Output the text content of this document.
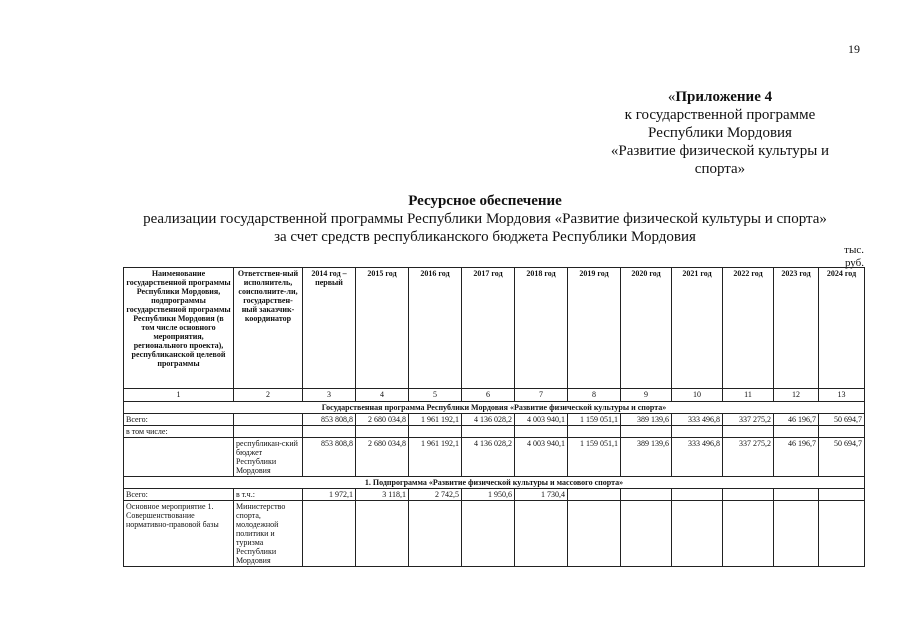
19
«Приложение 4
к государственной программе
Республики Мордовия
«Развитие физической культуры и
спорта»
Ресурсное обеспечение
реализации государственной программы Республики Мордовия «Развитие физической культуры и спорта»
за счет средств республиканского бюджета Республики Мордовия
тыс.
руб.
Наименование государственной программы Республики Мордовия, подпрограммы государственной программы Республики Мордовия (в том числе основного мероприятия, регионального проекта), республиканской целевой программы	Ответствен-ный исполнитель, соисполните-ли, государствен-ный заказчик-координатор	2014 год – первый	2015 год	2016 год	2017 год	2018 год	2019 год	2020 год	2021 год	2022 год	2023 год	2024 год
1	2	3	4	5	6	7	8	9	10	11	12	13
Государственная программа Республики Мордовия «Развитие физической культуры и спорта»												
Всего:		853 808,8	2 680 034,8	1 961 192,1	4 136 028,2	4 003 940,1	1 159 051,1	389 139,6	333 496,8	337 275,2	46 196,7	50 694,7
в том числе:												
	республикан-ский бюджет Республики Мордовия	853 808,8	2 680 034,8	1 961 192,1	4 136 028,2	4 003 940,1	1 159 051,1	389 139,6	333 496,8	337 275,2	46 196,7	50 694,7
1. Подпрограмма «Развитие физической культуры и массового спорта»												
Всего:	в т.ч.:	1 972,1	3 118,1	2 742,5	1 950,6	1 730,4						
Основное мероприятие 1. Совершенствование нормативно-правовой базы	Министерство спорта, молодежной политики и туризма Республики Мордовия											
